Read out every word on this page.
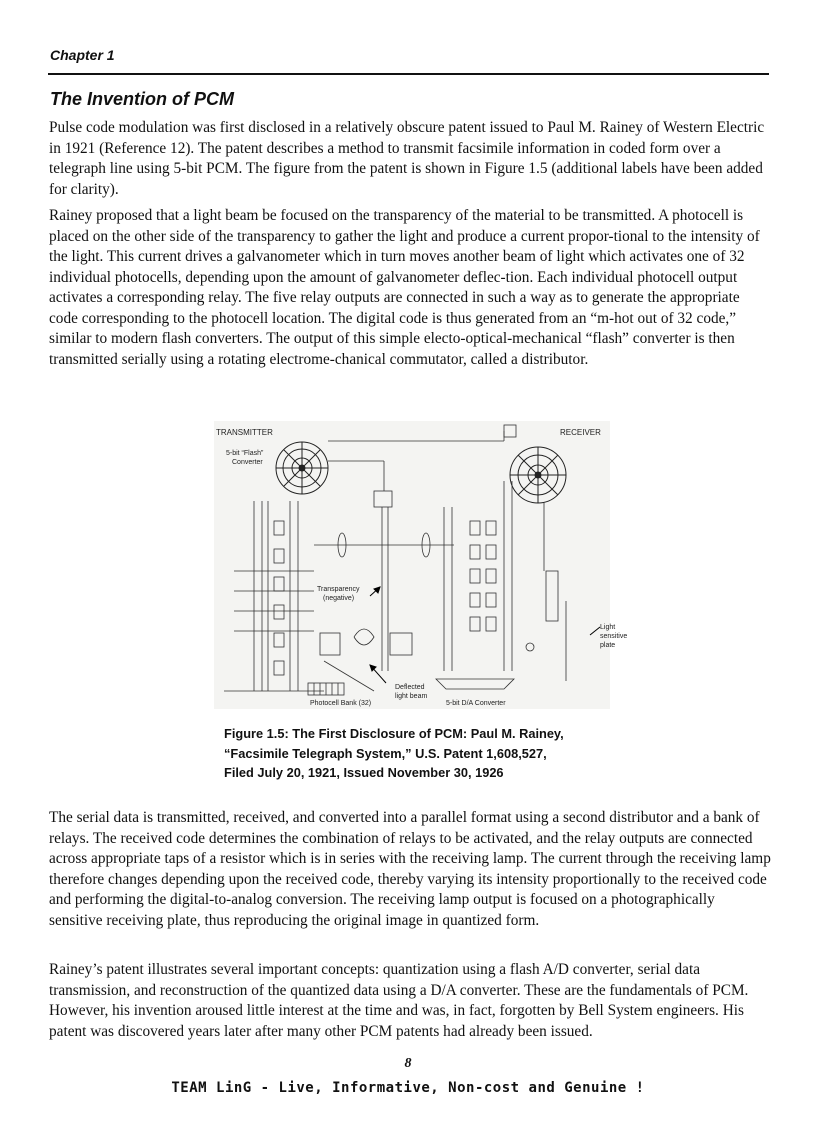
Chapter 1
The Invention of PCM

Pulse code modulation was first disclosed in a relatively obscure patent issued to Paul M. Rainey of Western Electric in 1921 (Reference 12). The patent describes a method to transmit facsimile information in coded form over a telegraph line using 5-bit PCM. The figure from the patent is shown in Figure 1.5 (additional labels have been added for clarity).

Rainey proposed that a light beam be focused on the transparency of the material to be transmitted. A photocell is placed on the other side of the transparency to gather the light and produce a current propor-tional to the intensity of the light. This current drives a galvanometer which in turn moves another beam of light which activates one of 32 individual photocells, depending upon the amount of galvanometer deflec-tion. Each individual photocell output activates a corresponding relay. The five relay outputs are connected in such a way as to generate the appropriate code corresponding to the photocell location. The digital code is thus generated from an “m-hot out of 32 code,” similar to modern flash converters. The output of this simple electo-optical-mechanical “flash” converter is then transmitted serially using a rotating electrome-chanical commutator, called a distributor.

TRANSMITTER	RECEIVER
5-bit “Flash”
Converter
Transparency
(negative)
Light
sensitive
plate
Deflected
light beam
Photocell Bank (32)	5-bit D/A Converter

Figure 1.5: The First Disclosure of PCM: Paul M. Rainey,
“Facsimile Telegraph System,” U.S. Patent 1,608,527,
Filed July 20, 1921, Issued November 30, 1926

The serial data is transmitted, received, and converted into a parallel format using a second distributor and a bank of relays. The received code determines the combination of relays to be activated, and the relay outputs are connected across appropriate taps of a resistor which is in series with the receiving lamp. The current through the receiving lamp therefore changes depending upon the received code, thereby varying its intensity proportionally to the received code and performing the digital-to-analog conversion. The receiving lamp output is focused on a photographically sensitive receiving plate, thus reproducing the original image in quantized form.

Rainey’s patent illustrates several important concepts: quantization using a flash A/D converter, serial data transmission, and reconstruction of the quantized data using a D/A converter. These are the fundamentals of PCM. However, his invention aroused little interest at the time and was, in fact, forgotten by Bell System engineers. His patent was discovered years later after many other PCM patents had already been issued.

8
TEAM LinG - Live, Informative, Non-cost and Genuine !
